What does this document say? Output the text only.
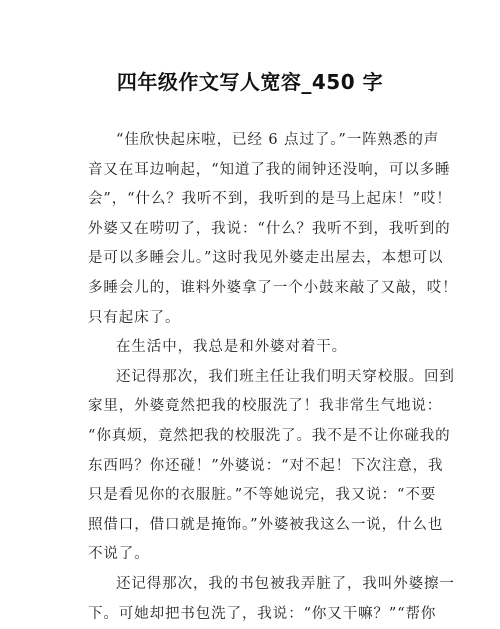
四年级作文写人宽容_450 字
“佳欣快起床啦，已经 6 点过了。”一阵熟悉的声
音又在耳边响起，“知道了我的闹钟还没响，可以多睡
会”，“什么？我听不到，我听到的是马上起床！”哎！
外婆又在唠叨了，我说：“什么？我听不到，我听到的
是可以多睡会儿。”这时我见外婆走出屋去，本想可以
多睡会儿的，谁料外婆拿了一个小鼓来敲了又敲，哎！
只有起床了。
在生活中，我总是和外婆对着干。
还记得那次，我们班主任让我们明天穿校服。回到
家里，外婆竟然把我的校服洗了！我非常生气地说：
“你真烦，竟然把我的校服洗了。我不是不让你碰我的
东西吗？你还碰！”外婆说：“对不起！下次注意，我
只是看见你的衣服脏。”不等她说完，我又说：“不要
照借口，借口就是掩饰。”外婆被我这么一说，什么也
不说了。
还记得那次，我的书包被我弄脏了，我叫外婆擦一
下。可她却把书包洗了，我说：“你又干嘛？”“帮你
